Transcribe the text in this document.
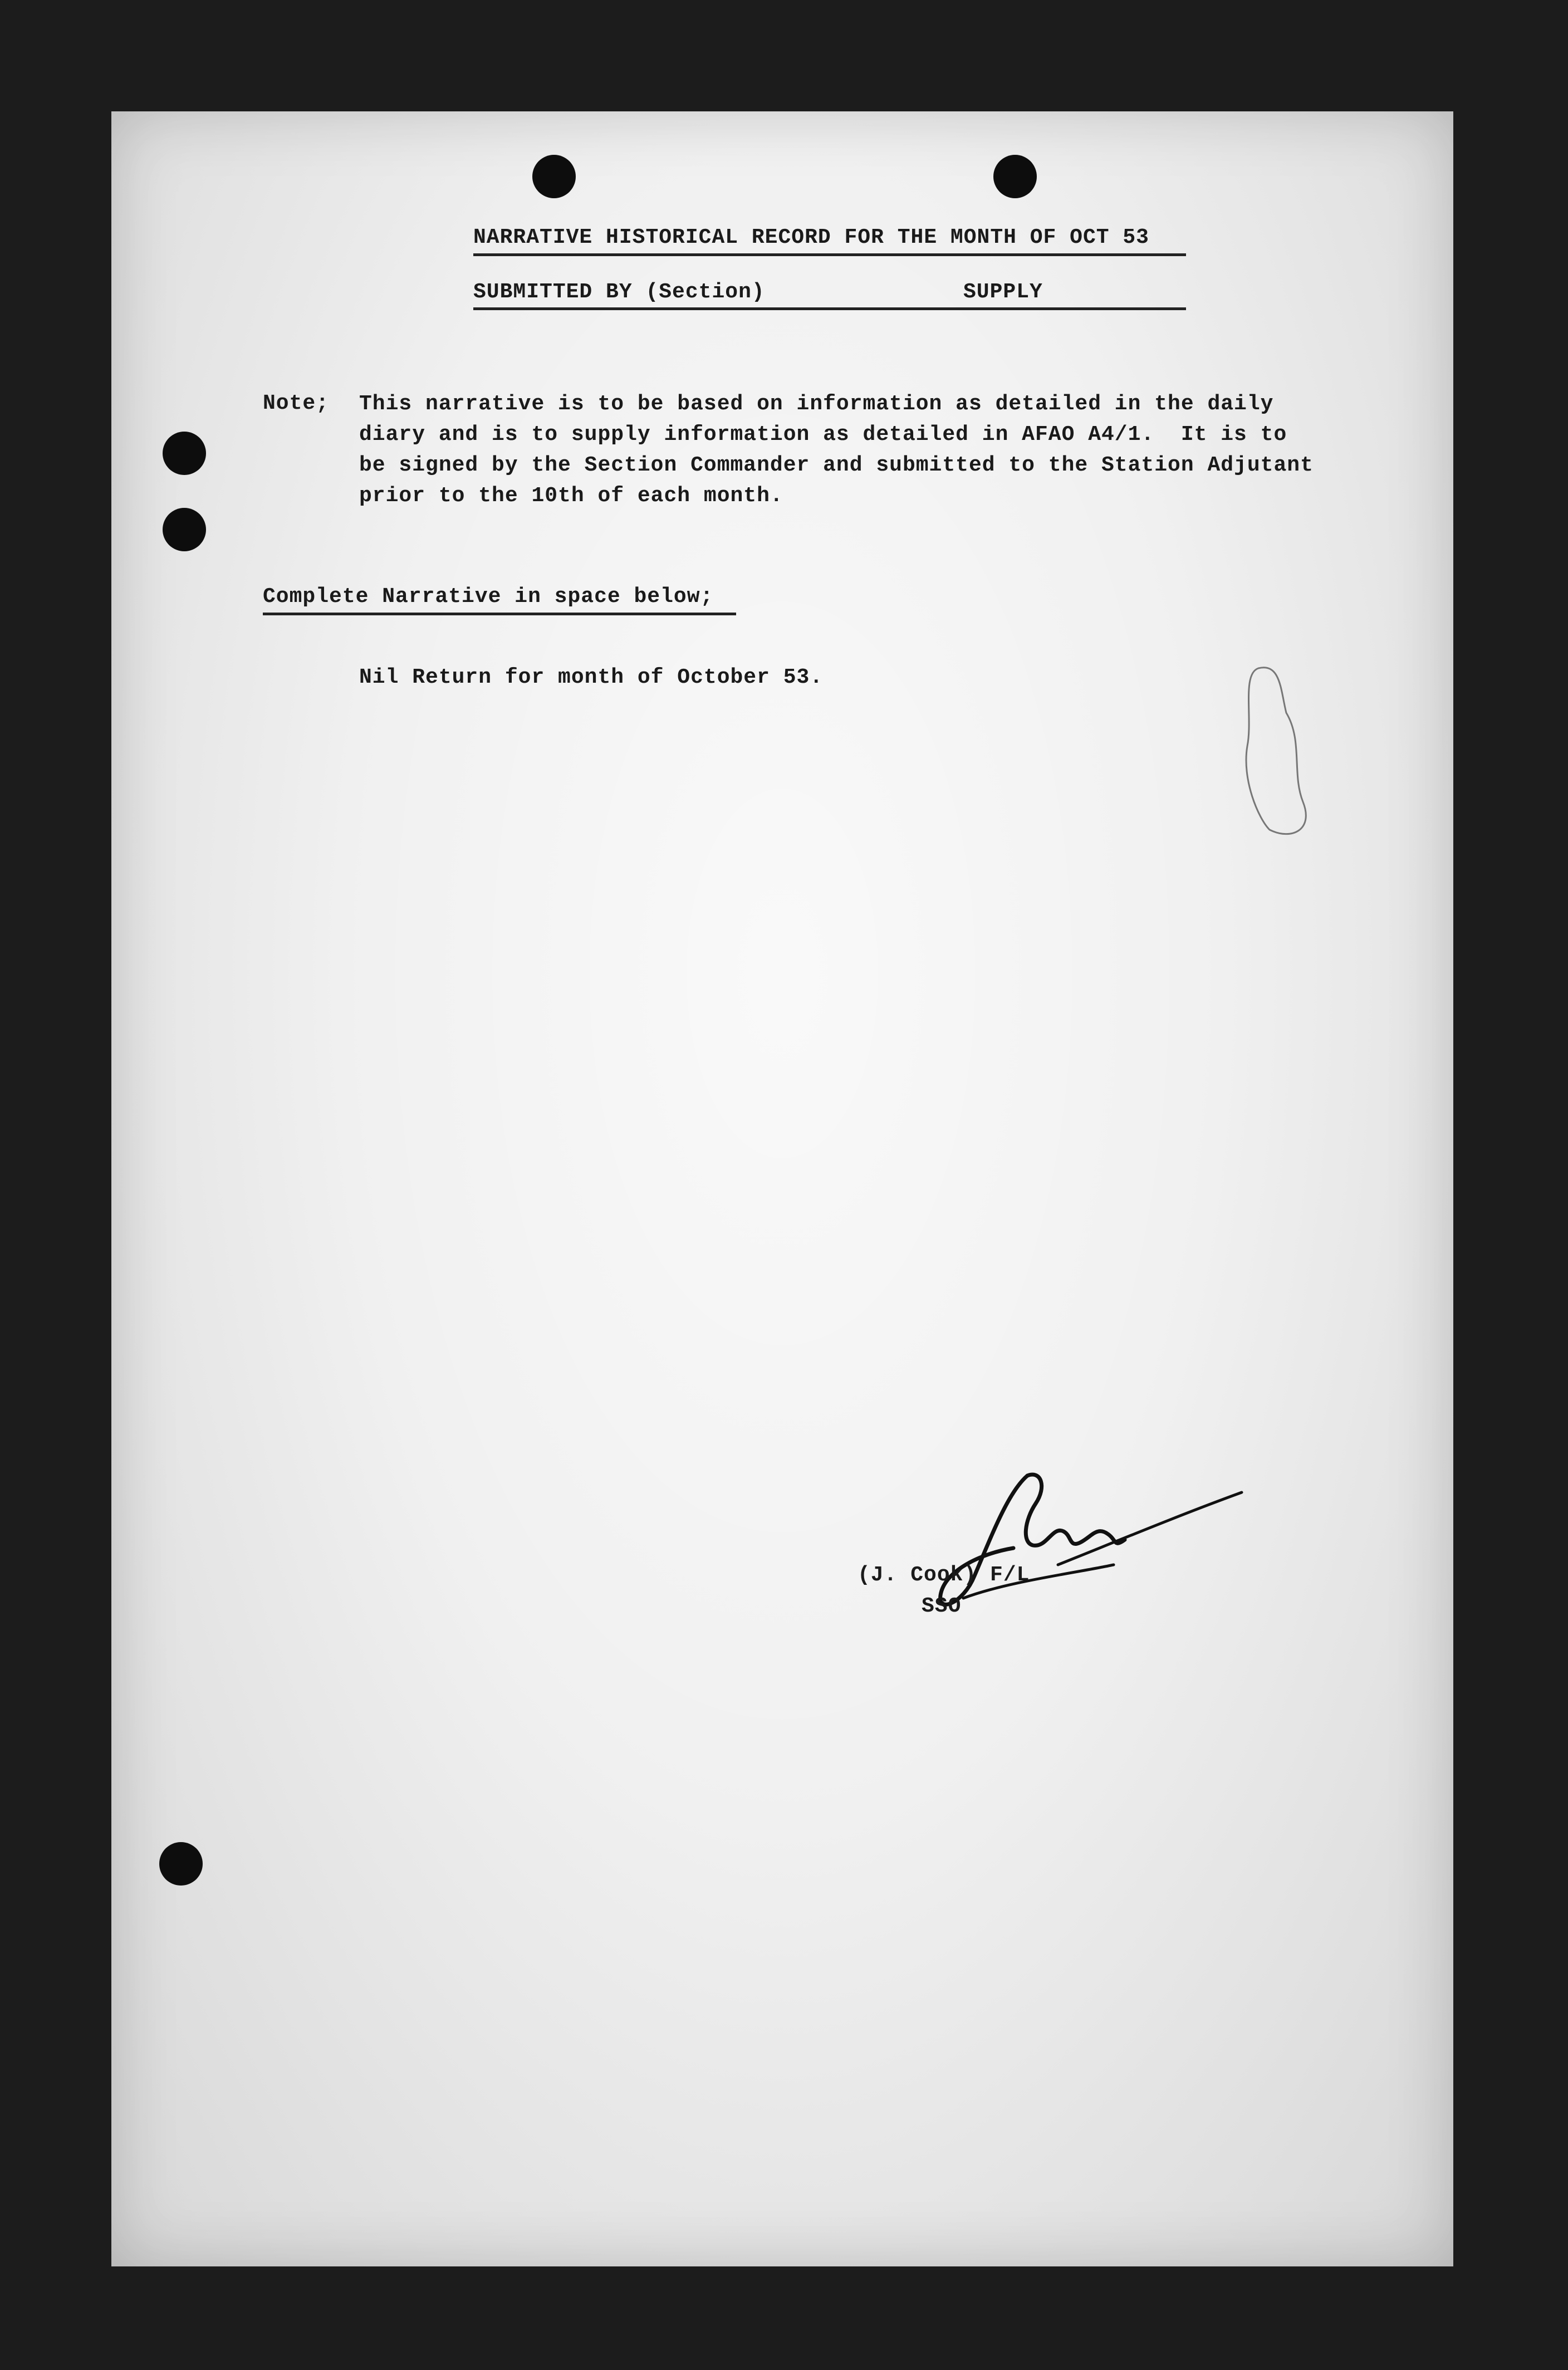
NARRATIVE HISTORICAL RECORD FOR THE MONTH OF OCT 53
SUBMITTED BY (Section)	SUPPLY
Note; This narrative is to be based on information as detailed in the daily
diary and is to supply information as detailed in AFAO A4/1.  It is to
be signed by the Section Commander and submitted to the Station Adjutant
prior to the 10th of each month.
Complete Narrative in space below;
Nil Return for month of October 53.
(J. Cook) F/L
SSO
